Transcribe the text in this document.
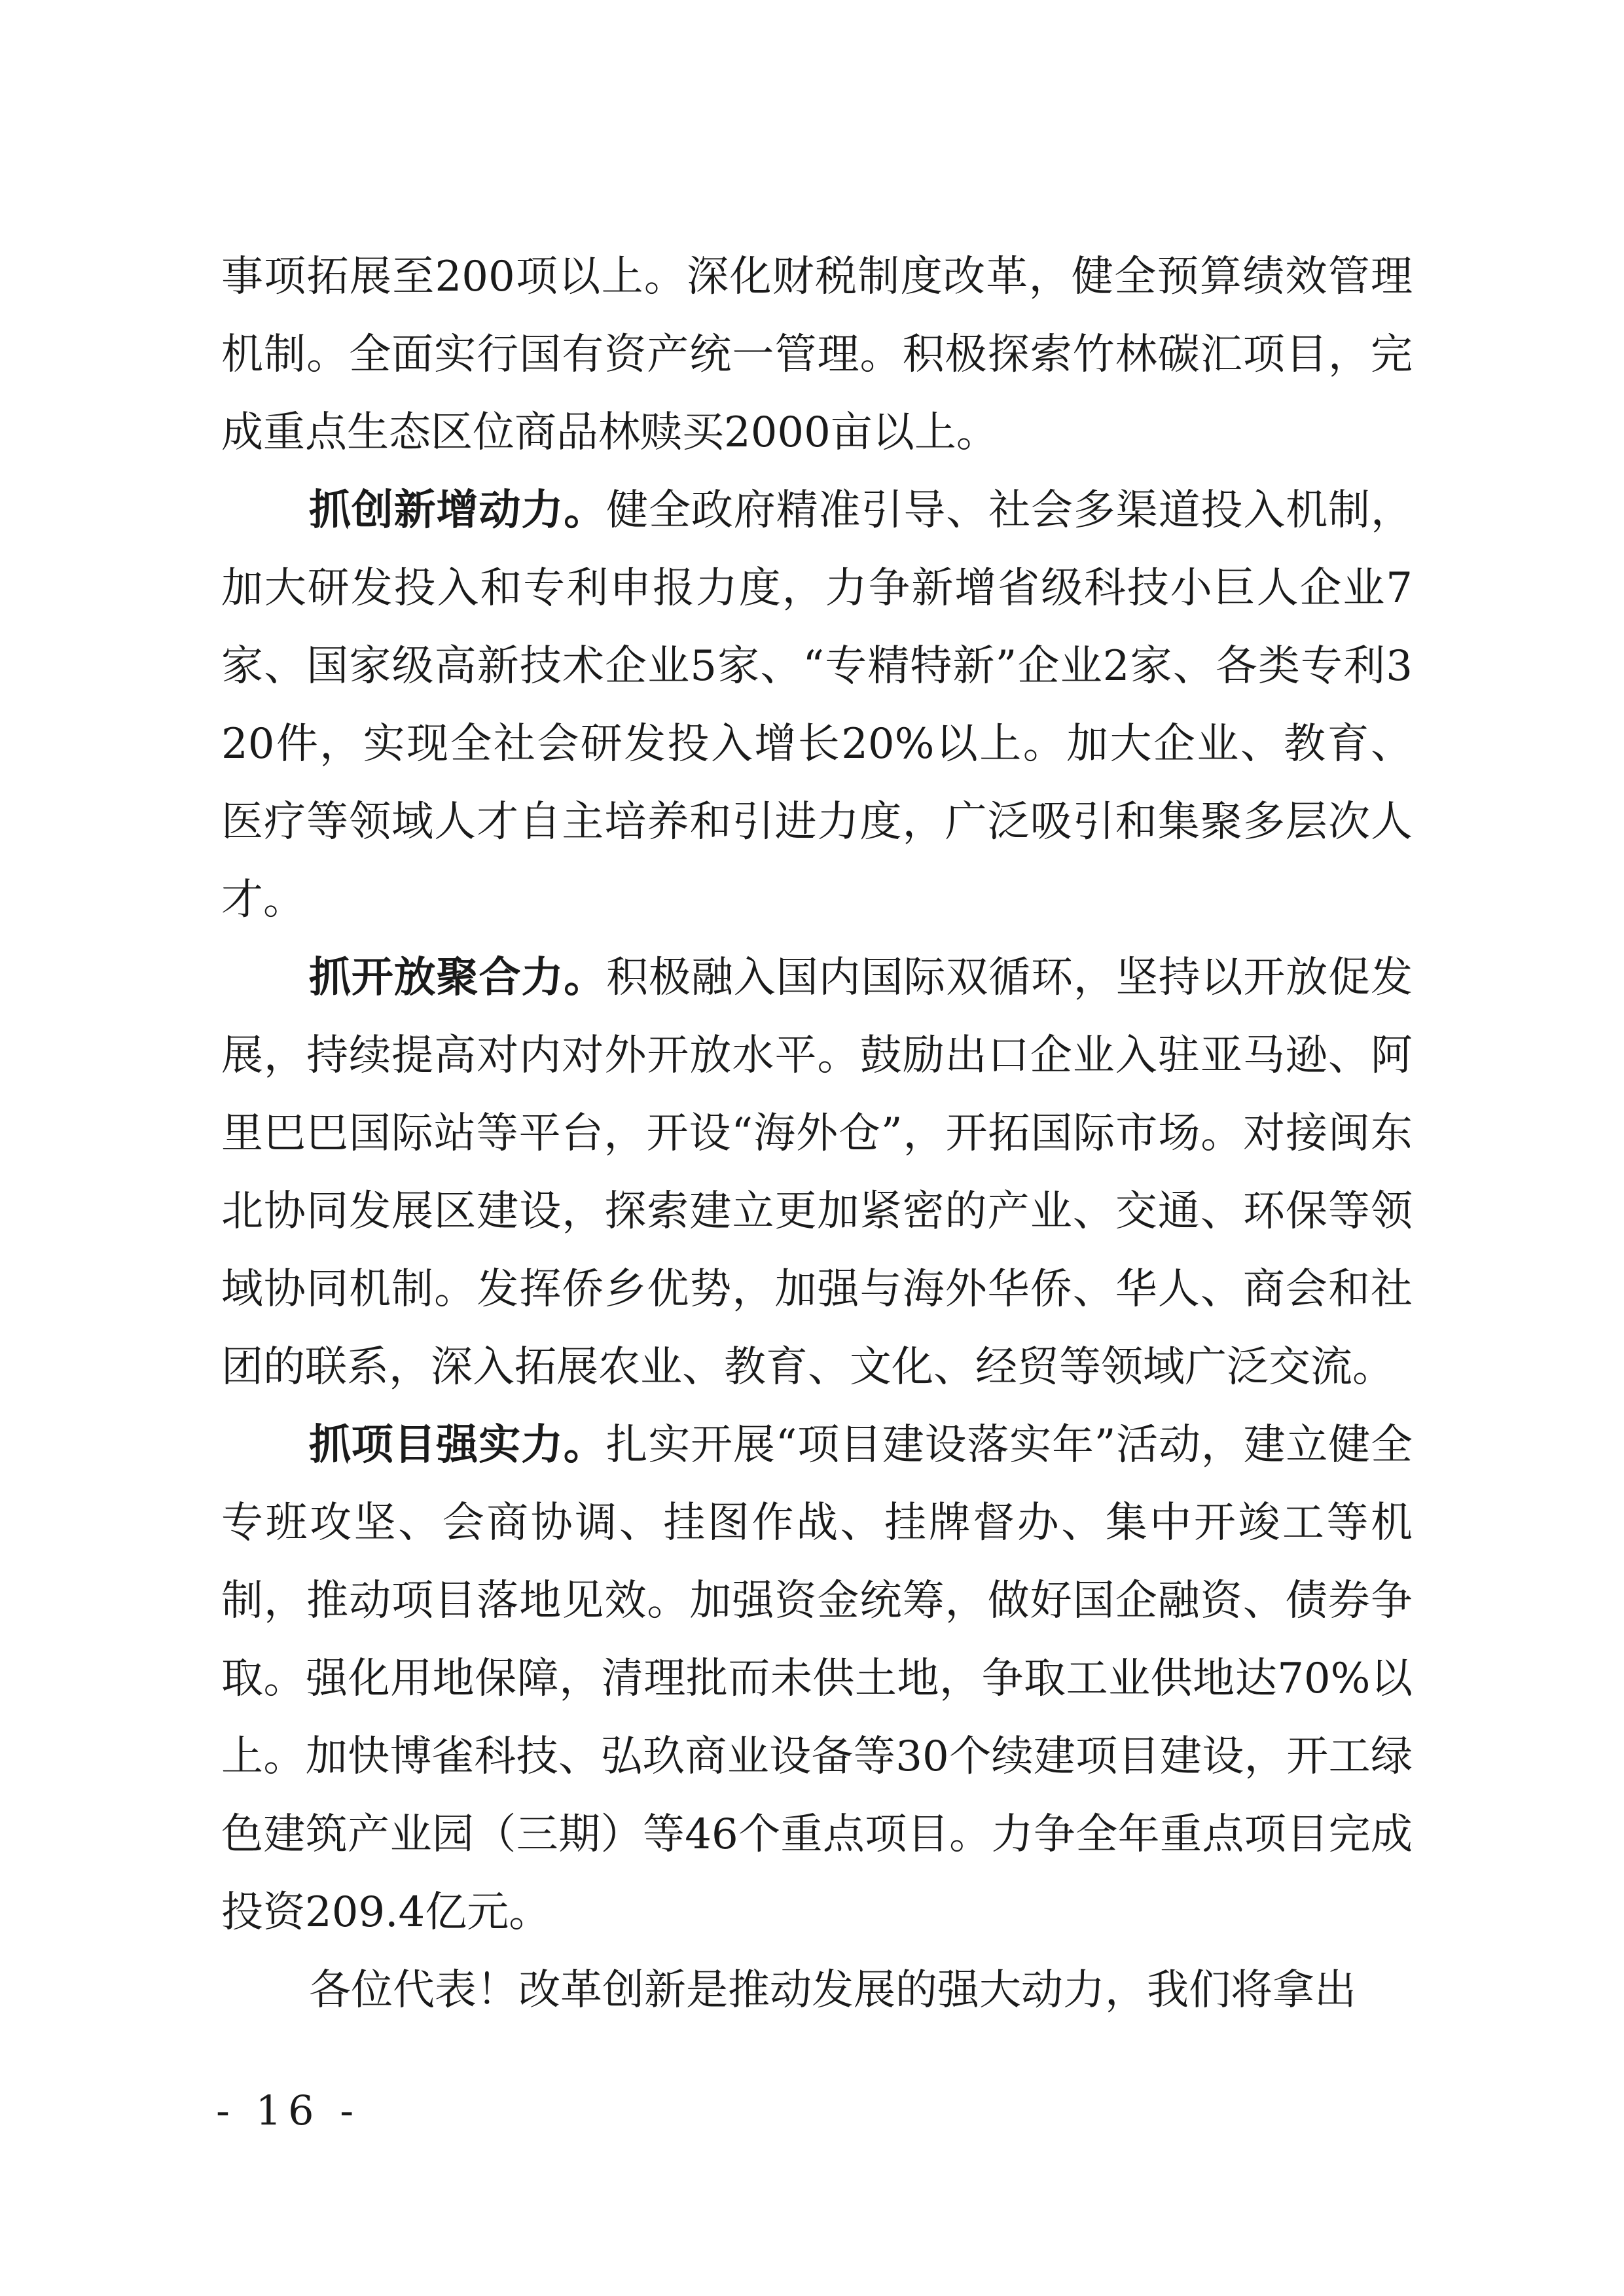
事项拓展至200项以上。深化财税制度改革，健全预算绩效管理机制。全面实行国有资产统一管理。积极探索竹林碳汇项目，完成重点生态区位商品林赎买2000亩以上。

抓创新增动力。健全政府精准引导、社会多渠道投入机制，加大研发投入和专利申报力度，力争新增省级科技小巨人企业7家、国家级高新技术企业5家、“专精特新”企业2家、各类专利320件，实现全社会研发投入增长20%以上。加大企业、教育、医疗等领域人才自主培养和引进力度，广泛吸引和集聚多层次人才。

抓开放聚合力。积极融入国内国际双循环，坚持以开放促发展，持续提高对内对外开放水平。鼓励出口企业入驻亚马逊、阿里巴巴国际站等平台，开设“海外仓”，开拓国际市场。对接闽东北协同发展区建设，探索建立更加紧密的产业、交通、环保等领域协同机制。发挥侨乡优势，加强与海外华侨、华人、商会和社团的联系，深入拓展农业、教育、文化、经贸等领域广泛交流。

抓项目强实力。扎实开展“项目建设落实年”活动，建立健全专班攻坚、会商协调、挂图作战、挂牌督办、集中开竣工等机制，推动项目落地见效。加强资金统筹，做好国企融资、债券争取。强化用地保障，清理批而未供土地，争取工业供地达70%以上。加快博雀科技、弘玖商业设备等30个续建项目建设，开工绿色建筑产业园（三期）等46个重点项目。力争全年重点项目完成投资209.4亿元。

各位代表！改革创新是推动发展的强大动力，我们将拿出

- 16 -
